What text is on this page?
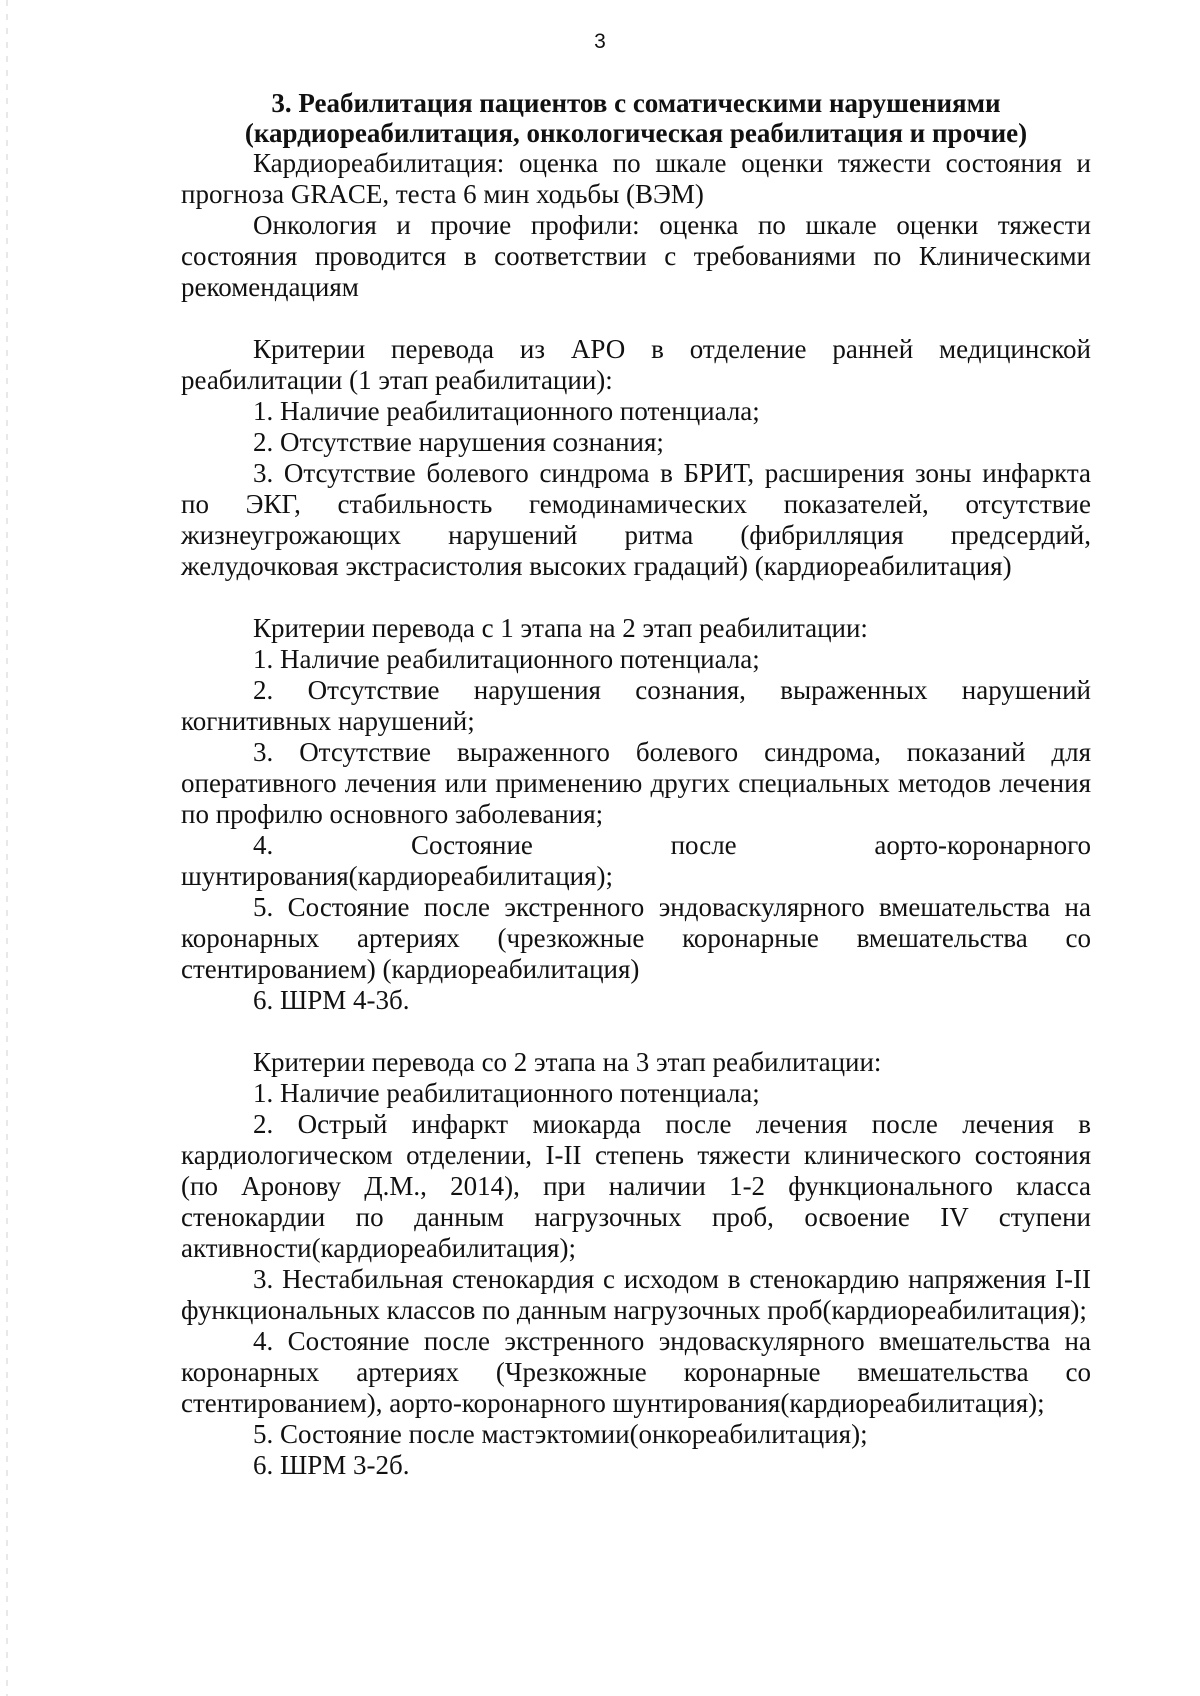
3
3. Реабилитация пациентов с соматическими нарушениями
(кардиореабилитация, онкологическая реабилитация и прочие)

Кардиореабилитация: оценка по шкале оценки тяжести состояния и прогноза GRACE, теста 6 мин ходьбы (ВЭМ)

Онкология и прочие профили: оценка по шкале оценки тяжести состояния проводится в соответствии с требованиями по Клиническими рекомендациям

Критерии перевода из АРО в отделение ранней медицинской реабилитации (1 этап реабилитации):

1. Наличие реабилитационного потенциала;

2. Отсутствие нарушения сознания;

3. Отсутствие болевого синдрома в БРИТ, расширения зоны инфаркта по ЭКГ, стабильность гемодинамических показателей, отсутствие жизнеугрожающих нарушений ритма (фибрилляция предсердий, желудочковая экстрасистолия высоких градаций) (кардиореабилитация)

Критерии перевода с 1 этапа на 2 этап реабилитации:

1. Наличие реабилитационного потенциала;

2. Отсутствие нарушения сознания, выраженных нарушений когнитивных нарушений;

3. Отсутствие выраженного болевого синдрома, показаний для оперативного лечения или применению других специальных методов лечения по профилю основного заболевания;

4. Состояние после аорто-коронарного шунтирования(кардиореабилитация);

5. Состояние после экстренного эндоваскулярного вмешательства на коронарных артериях (чрезкожные коронарные вмешательства со стентированием) (кардиореабилитация)

6. ШРМ 4-3б.

Критерии перевода со 2 этапа на 3 этап реабилитации:

1. Наличие реабилитационного потенциала;

2. Острый инфаркт миокарда после лечения после лечения в кардиологическом отделении, I-II степень тяжести клинического состояния (по Аронову Д.М., 2014), при наличии 1-2 функционального класса стенокардии по данным нагрузочных проб, освоение IV ступени активности(кардиореабилитация);

3. Нестабильная стенокардия с исходом в стенокардию напряжения I-II функциональных классов по данным нагрузочных проб(кардиореабилитация);

4. Состояние после экстренного эндоваскулярного вмешательства на коронарных артериях (Чрезкожные коронарные вмешательства со стентированием), аорто-коронарного шунтирования(кардиореабилитация);

5. Состояние после мастэктомии(онкореабилитация);

6. ШРМ 3-2б.
